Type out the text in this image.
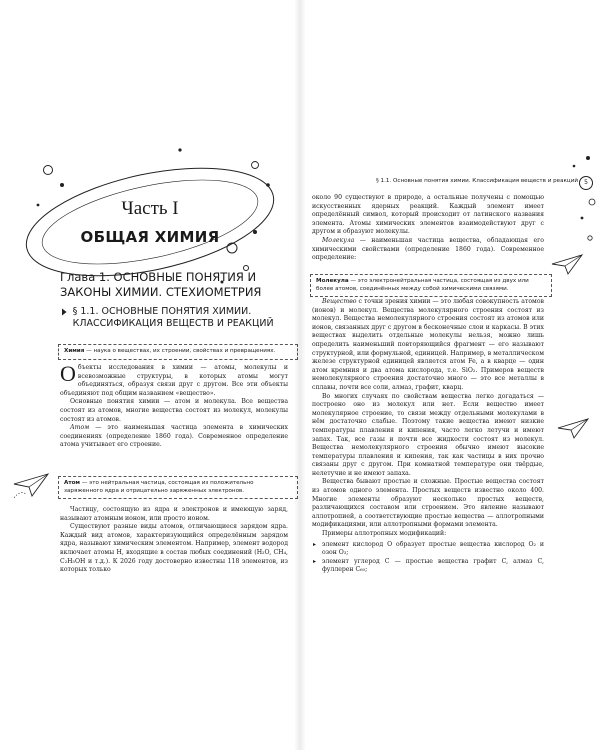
Часть I
ОБЩАЯ ХИМИЯ
Глава 1. ОСНОВНЫЕ ПОНЯТИЯ И ЗАКОНЫ ХИМИИ. СТЕХИОМЕТРИЯ
§ 1.1. ОСНОВНЫЕ ПОНЯТИЯ ХИМИИ. КЛАССИФИКАЦИЯ ВЕЩЕСТВ И РЕАКЦИЙ
Химия — наука о веществах, их строении, свойствах и превращениях.

Объекты исследования в химии — атомы, молекулы и всевозможные структуры, в которых атомы могут объединяться, образуя связи друг с другом. Все эти объекты объединяют под общим названием «вещество».

Основные понятия химии — атом и молекула. Все вещества состоят из атомов, многие вещества состоят из молекул, молекулы состоят из атомов.

Атом — это наименьшая частица элемента в химических соединениях (определение 1860 года). Современное определение атома учитывает его строение.

Атом — это нейтральная частица, состоящая из положительно заряженного ядра и отрицательно заряженных электронов.

Частицу, состоящую из ядра и электронов и имеющую заряд, называют атомным ионом, или просто ионом.

Существуют разные виды атомов, отличающиеся зарядом ядра. Каждый вид атомов, характеризующийся определённым зарядом ядра, называют химическим элементом. Например, элемент водород включает атомы H, входящие в состав любых соединений (H₂O, CH₄, C₂H₅OH и т.д.). К 2026 году достоверно известны 118 элементов, из которых только

§ 1.1. Основные понятия химии. Классификация веществ и реакций	5

около 90 существуют в природе, а остальные получены с помощью искусственных ядерных реакций. Каждый элемент имеет определённый символ, который происходит от латинского названия элемента. Атомы химических элементов взаимодействуют друг с другом и образуют молекулы.

Молекула — наименьшая частица вещества, обладающая его химическими свойствами (определение 1860 года). Современное определение:

Молекула — это электронейтральная частица, состоящая из двух или более атомов, соединённых между собой химическими связями.

Вещество с точки зрения химии — это любая совокупность атомов (ионов) и молекул. Вещества молекулярного строения состоят из молекул. Вещества немолекулярного строения состоят из атомов или ионов, связанных друг с другом в бесконечные слои и каркасы. В этих веществах выделить отдельные молекулы нельзя, можно лишь определить наименьший повторяющийся фрагмент — его называют структурной, или формульной, единицей. Например, в металлическом железе структурной единицей является атом Fe, а в кварце — один атом кремния и два атома кислорода, т.е. SiO₂. Примеров веществ немолекулярного строения достаточно много — это все металлы в сплавы, почти все соли, алмаз, графит, кварц.

Во многих случаях по свойствам вещества легко догадаться — построено оно из молекул или нет. Если вещество имеет молекулярное строение, то связи между отдельными молекулами в нём достаточно слабые. Поэтому такие вещества имеют низкие температуры плавления и кипения, часто легко летучи и имеют запах. Так, все газы и почти все жидкости состоят из молекул. Вещества немолекулярного строения обычно имеют высокие температуры плавления и кипения, так как частицы в них прочно связаны друг с другом. При комнатной температуре они твёрдые, нелетучие и не имеют запаха.

Вещества бывают простые и сложные. Простые вещества состоят из атомов одного элемента. Простых веществ известно около 400. Многие элементы образуют несколько простых веществ, различающихся составом или строением. Это явление называют аллотропией, а соответствующие простые вещества — аллотропными модификациями, или аллотропными формами элемента.

Примеры аллотропных модификаций:

▸ элемент кислород O образует простые вещества кислород O₂ и озон O₃;
▸ элемент углерод C — простые вещества графит C, алмаз C, фуллерен C₆₀;
